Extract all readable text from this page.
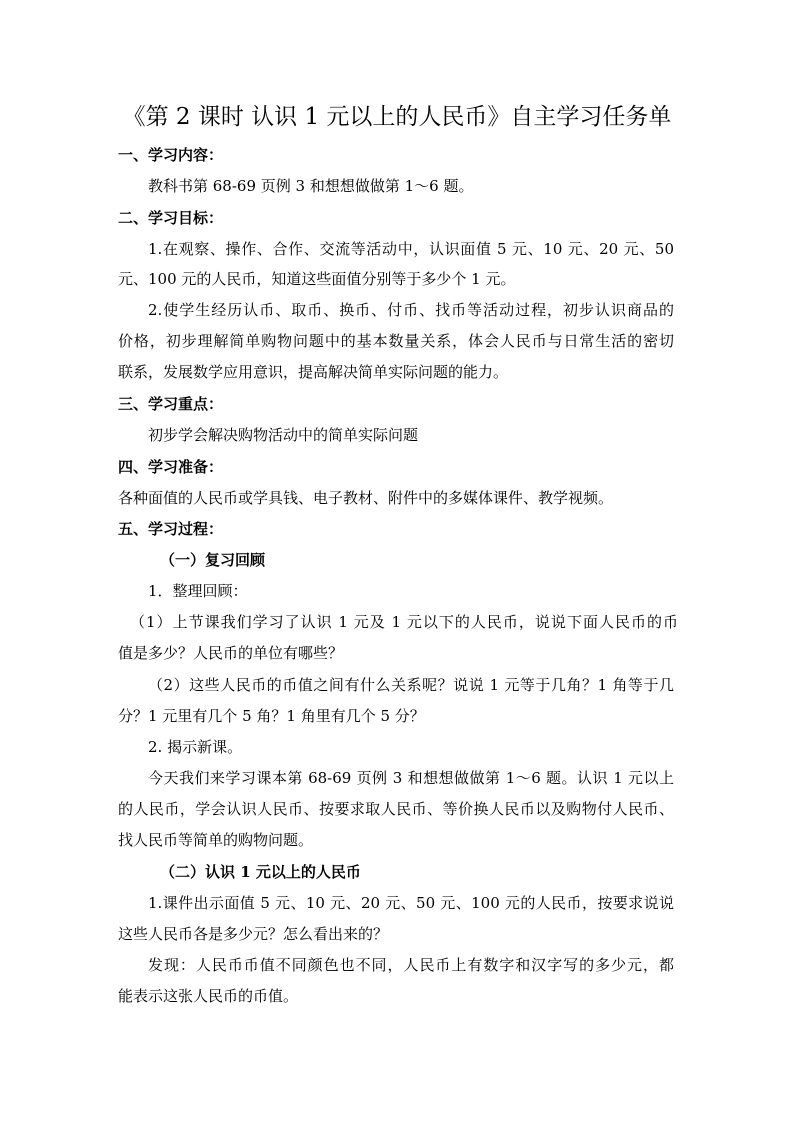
《第 2 课时 认识 1 元以上的人民币》自主学习任务单
一、学习内容：
教科书第 68-69 页例 3 和想想做做第 1～6 题。
二、学习目标：
1.在观察、操作、合作、交流等活动中，认识面值 5 元、10 元、20 元、50
元、100 元的人民币，知道这些面值分别等于多少个 1 元。
2.使学生经历认币、取币、换币、付币、找币等活动过程，初步认识商品的
价格，初步理解简单购物问题中的基本数量关系，体会人民币与日常生活的密切
联系，发展数学应用意识，提高解决简单实际问题的能力。
三、学习重点：
初步学会解决购物活动中的简单实际问题
四、学习准备：
各种面值的人民币或学具钱、电子教材、附件中的多媒体课件、教学视频。
五、学习过程：
（一）复习回顾
1．整理回顾：
（1）上节课我们学习了认识 1 元及 1 元以下的人民币，说说下面人民币的币
值是多少？人民币的单位有哪些？
（2）这些人民币的币值之间有什么关系呢？说说 1 元等于几角？1 角等于几
分？1 元里有几个 5 角？1 角里有几个 5 分？
2. 揭示新课。
今天我们来学习课本第 68-69 页例 3 和想想做做第 1～6 题。认识 1 元以上
的人民币，学会认识人民币、按要求取人民币、等价换人民币以及购物付人民币、
找人民币等简单的购物问题。
（二）认识 1 元以上的人民币
1.课件出示面值 5 元、10 元、20 元、50 元、100 元的人民币，按要求说说
这些人民币各是多少元？怎么看出来的？
发现：人民币币值不同颜色也不同，人民币上有数字和汉字写的多少元，都
能表示这张人民币的币值。
